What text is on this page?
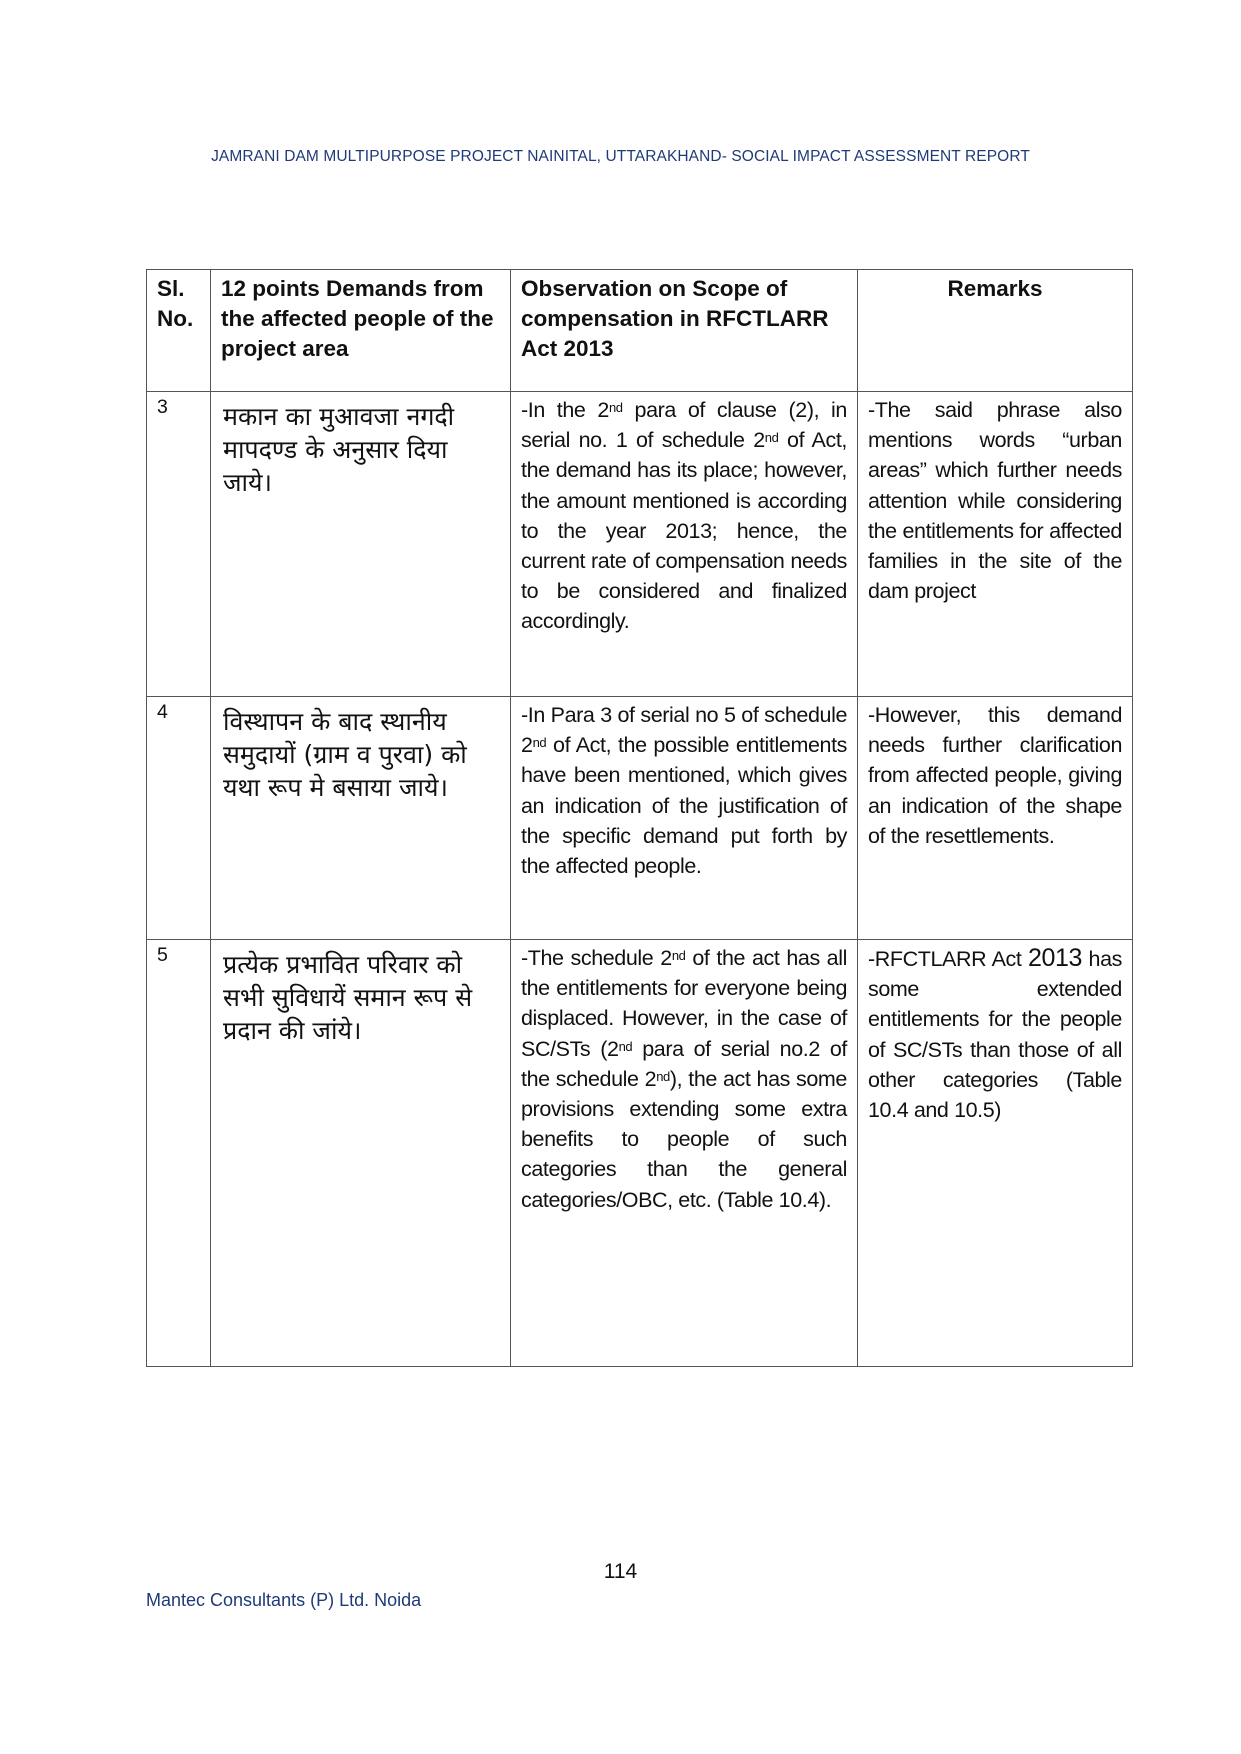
JAMRANI DAM MULTIPURPOSE PROJECT NAINITAL, UTTARAKHAND- SOCIAL IMPACT ASSESSMENT REPORT
Sl. No.	12 points Demands from the affected people of the project area	Observation on Scope of compensation in RFCTLARR Act 2013	Remarks

3	मकान का मुआवजा नगदी मापदण्ड के अनुसार दिया जाये।	-In the 2nd para of clause (2), in serial no. 1 of schedule 2nd of Act, the demand has its place; however, the amount mentioned is according to the year 2013; hence, the current rate of compensation needs to be considered and finalized accordingly.	-The said phrase also mentions words “urban areas” which further needs attention while considering the entitlements for affected families in the site of the dam project

4	विस्थापन के बाद स्थानीय समुदायों (ग्राम व पुरवा) को यथा रूप मे बसाया जाये।	-In Para 3 of serial no 5 of schedule 2nd of Act, the possible entitlements have been mentioned, which gives an indication of the justification of the specific demand put forth by the affected people.	-However, this demand needs further clarification from affected people, giving an indication of the shape of the resettlements.

5	प्रत्येक प्रभावित परिवार को सभी सुविधायें समान रूप से प्रदान की जांये।	-The schedule 2nd of the act has all the entitlements for everyone being displaced. However, in the case of SC/STs (2nd para of serial no.2 of the schedule 2nd), the act has some provisions extending some extra benefits to people of such categories than the general categories/OBC, etc. (Table 10.4).	-RFCTLARR Act 2013 has some extended entitlements for the people of SC/STs than those of all other categories (Table 10.4 and 10.5)
114
Mantec Consultants (P) Ltd. Noida
